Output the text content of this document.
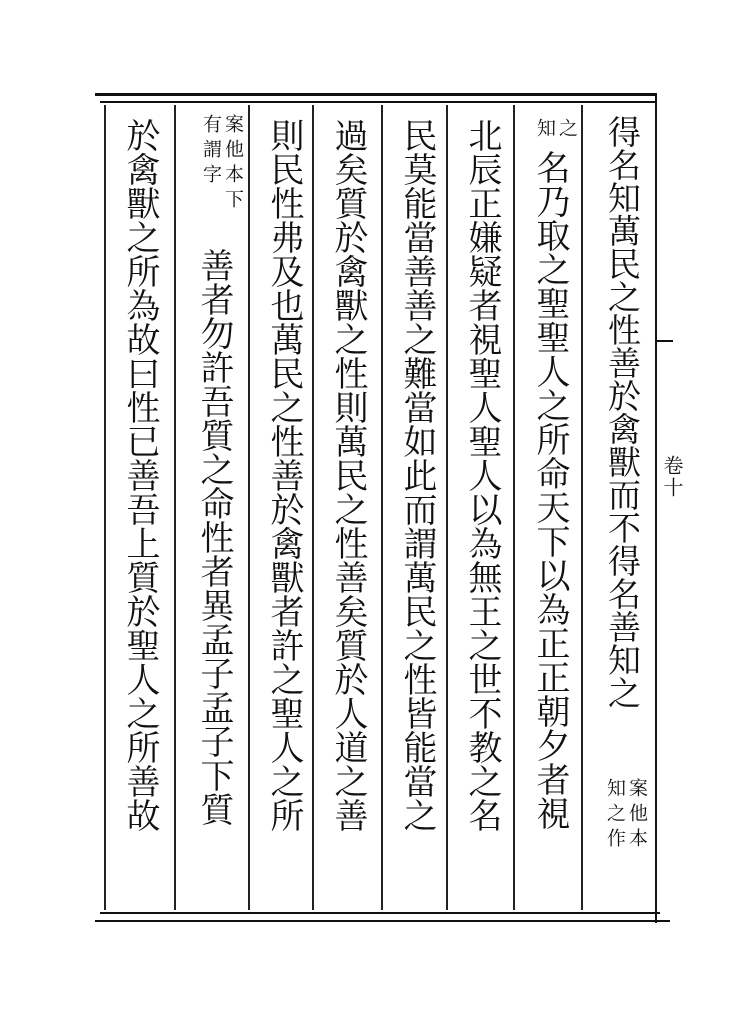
卷十
得名知萬民之性善於禽獸而不得名善知之
案他本
知之作
之
知
名乃取之聖聖人之所命天下以為正正朝夕者視
北辰正嫌疑者視聖人聖人以為無王之世不教之名
民莫能當善善之難當如此而謂萬民之性皆能當之
過矣質於禽獸之性則萬民之性善矣質於人道之善
則民性弗及也萬民之性善於禽獸者許之聖人之所
案他本下
有謂字
善者勿許吾質之命性者異孟子孟子下質
於禽獸之所為故曰性已善吾上質於聖人之所善故
